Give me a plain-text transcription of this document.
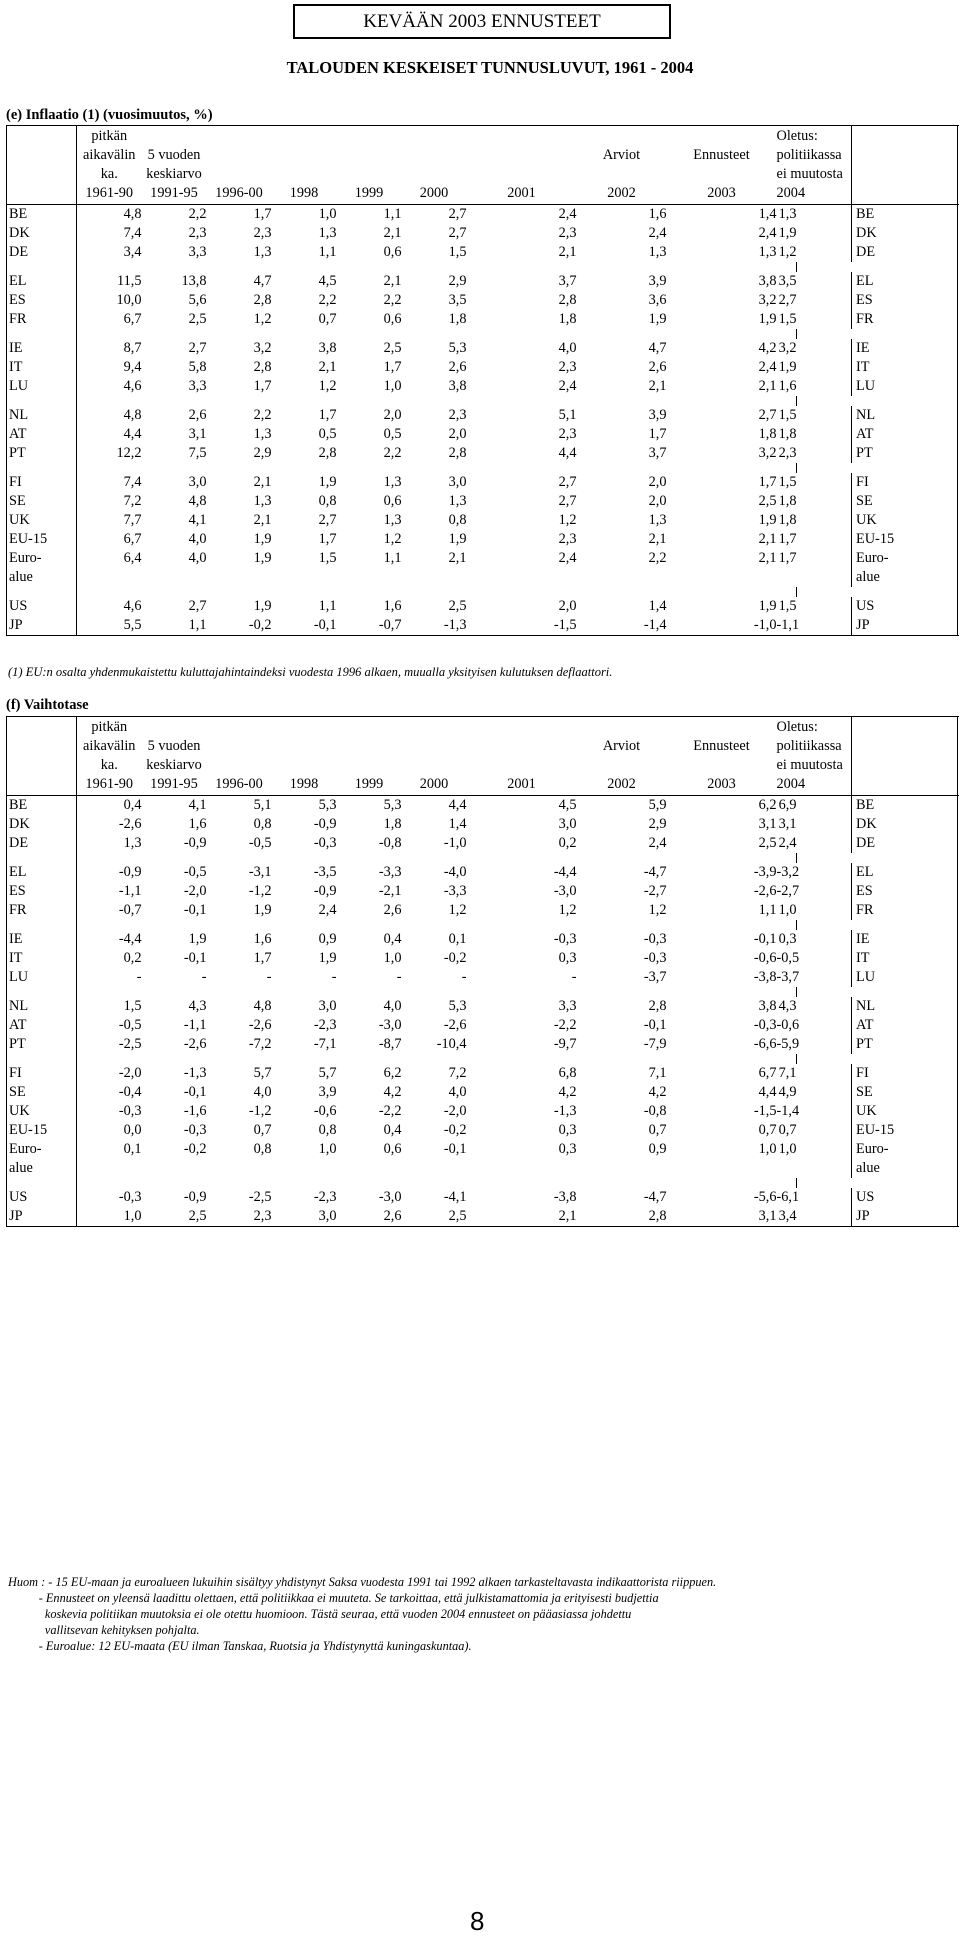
KEVÄÄN 2003 ENNUSTEET
TALOUDEN KESKEISET TUNNUSLUVUT, 1961 - 2004
(e) Inflaatio (1) (vuosimuutos, %)
	pitkän									Oletus:			
	aikavälin	5 vuoden						Arviot	Ennusteet	politiikassa			
	ka.	keskiarvo								ei muutosta			
	1961-90	1991-95	1996-00	1998	1999	2000	2001	2002	2003	2004			
BE	4,8	2,2	1,7	1,0	1,1	2,7	2,4	1,6	1,4	1,3		BE	
DK	7,4	2,3	2,3	1,3	2,1	2,7	2,3	2,4	2,4	1,9		DK	
DE	3,4	3,3	1,3	1,1	0,6	1,5	2,1	1,3	1,3	1,2		DE	

EL	11,5	13,8	4,7	4,5	2,1	2,9	3,7	3,9	3,8	3,5		EL	
ES	10,0	5,6	2,8	2,2	2,2	3,5	2,8	3,6	3,2	2,7		ES	
FR	6,7	2,5	1,2	0,7	0,6	1,8	1,8	1,9	1,9	1,5		FR	

IE	8,7	2,7	3,2	3,8	2,5	5,3	4,0	4,7	4,2	3,2		IE	
IT	9,4	5,8	2,8	2,1	1,7	2,6	2,3	2,6	2,4	1,9		IT	
LU	4,6	3,3	1,7	1,2	1,0	3,8	2,4	2,1	2,1	1,6		LU	

NL	4,8	2,6	2,2	1,7	2,0	2,3	5,1	3,9	2,7	1,5		NL	
AT	4,4	3,1	1,3	0,5	0,5	2,0	2,3	1,7	1,8	1,8		AT	
PT	12,2	7,5	2,9	2,8	2,2	2,8	4,4	3,7	3,2	2,3		PT	

FI	7,4	3,0	2,1	1,9	1,3	3,0	2,7	2,0	1,7	1,5		FI	
SE	7,2	4,8	1,3	0,8	0,6	1,3	2,7	2,0	2,5	1,8		SE	
UK	7,7	4,1	2,1	2,7	1,3	0,8	1,2	1,3	1,9	1,8		UK	
EU-15	6,7	4,0	1,9	1,7	1,2	1,9	2,3	2,1	2,1	1,7		EU-15	
Euro-	6,4	4,0	1,9	1,5	1,1	2,1	2,4	2,2	2,1	1,7		Euro-	
alue												alue	

US	4,6	2,7	1,9	1,1	1,6	2,5	2,0	1,4	1,9	1,5		US	
JP	5,5	1,1	-0,2	-0,1	-0,7	-1,3	-1,5	-1,4	-1,0	-1,1		JP	
(1) EU:n osalta yhdenmukaistettu kuluttajahintaindeksi vuodesta 1996 alkaen, muualla yksityisen kulutuksen deflaattori.
(f) Vaihtotase
	pitkän									Oletus:			
	aikavälin	5 vuoden						Arviot	Ennusteet	politiikassa			
	ka.	keskiarvo								ei muutosta			
	1961-90	1991-95	1996-00	1998	1999	2000	2001	2002	2003	2004			
BE	0,4	4,1	5,1	5,3	5,3	4,4	4,5	5,9	6,2	6,9		BE	
DK	-2,6	1,6	0,8	-0,9	1,8	1,4	3,0	2,9	3,1	3,1		DK	
DE	1,3	-0,9	-0,5	-0,3	-0,8	-1,0	0,2	2,4	2,5	2,4		DE	

EL	-0,9	-0,5	-3,1	-3,5	-3,3	-4,0	-4,4	-4,7	-3,9	-3,2		EL	
ES	-1,1	-2,0	-1,2	-0,9	-2,1	-3,3	-3,0	-2,7	-2,6	-2,7		ES	
FR	-0,7	-0,1	1,9	2,4	2,6	1,2	1,2	1,2	1,1	1,0		FR	

IE	-4,4	1,9	1,6	0,9	0,4	0,1	-0,3	-0,3	-0,1	0,3		IE	
IT	0,2	-0,1	1,7	1,9	1,0	-0,2	0,3	-0,3	-0,6	-0,5		IT	
LU	-	-	-	-	-	-	-	-3,7	-3,8	-3,7		LU	

NL	1,5	4,3	4,8	3,0	4,0	5,3	3,3	2,8	3,8	4,3		NL	
AT	-0,5	-1,1	-2,6	-2,3	-3,0	-2,6	-2,2	-0,1	-0,3	-0,6		AT	
PT	-2,5	-2,6	-7,2	-7,1	-8,7	-10,4	-9,7	-7,9	-6,6	-5,9		PT	

FI	-2,0	-1,3	5,7	5,7	6,2	7,2	6,8	7,1	6,7	7,1		FI	
SE	-0,4	-0,1	4,0	3,9	4,2	4,0	4,2	4,2	4,4	4,9		SE	
UK	-0,3	-1,6	-1,2	-0,6	-2,2	-2,0	-1,3	-0,8	-1,5	-1,4		UK	
EU-15	0,0	-0,3	0,7	0,8	0,4	-0,2	0,3	0,7	0,7	0,7		EU-15	
Euro-	0,1	-0,2	0,8	1,0	0,6	-0,1	0,3	0,9	1,0	1,0		Euro-	
alue												alue	

US	-0,3	-0,9	-2,5	-2,3	-3,0	-4,1	-3,8	-4,7	-5,6	-6,1		US	
JP	1,0	2,5	2,3	3,0	2,6	2,5	2,1	2,8	3,1	3,4		JP	
Huom : - 15 EU-maan ja euroalueen lukuihin sisältyy yhdistynyt Saksa vuodesta 1991 tai 1992 alkaen tarkasteltavasta indikaattorista riippuen.
- Ennusteet on yleensä laadittu olettaen, että politiikkaa ei muuteta. Se tarkoittaa, että julkistamattomia ja erityisesti budjettia
koskevia politiikan muutoksia ei ole otettu huomioon. Tästä seuraa, että vuoden 2004 ennusteet on pääasiassa johdettu
vallitsevan kehityksen pohjalta.
- Euroalue: 12 EU-maata (EU ilman Tanskaa, Ruotsia ja Yhdistynyttä kuningaskuntaa).
8
